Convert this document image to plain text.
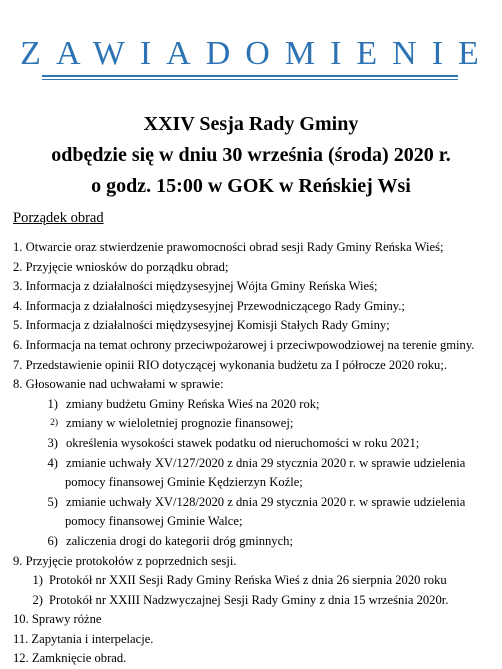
ZAWIADOMIENIE
XXIV Sesja Rady Gminy
odbędzie się w dniu 30 września (środa) 2020 r.
o godz. 15:00 w GOK w Reńskiej Wsi
Porządek obrad
1. Otwarcie oraz stwierdzenie prawomocności obrad sesji Rady Gminy Reńska Wieś;
2. Przyjęcie wniosków do porządku obrad;
3. Informacja z działalności międzysesyjnej Wójta Gminy Reńska Wieś;
4. Informacja z działalności międzysesyjnej Przewodniczącego Rady Gminy.;
5. Informacja z działalności międzysesyjnej Komisji Stałych Rady Gminy;
6. Informacja na temat ochrony przeciwpożarowej i przeciwpowodziowej na terenie gminy.
7. Przedstawienie opinii RIO dotyczącej wykonania budżetu za I półrocze 2020 roku;.
8. Głosowanie nad uchwałami w sprawie:
1) zmiany budżetu Gminy Reńska Wieś na 2020 rok;
2) zmiany w wieloletniej prognozie finansowej;
3) określenia wysokości stawek podatku od nieruchomości w roku 2021;
4) zmianie uchwały XV/127/2020 z dnia 29 stycznia 2020 r. w sprawie udzielenia
pomocy finansowej Gminie Kędzierzyn Koźle;
5) zmianie uchwały XV/128/2020 z dnia 29 stycznia 2020 r. w sprawie udzielenia
pomocy finansowej Gminie Walce;
6) zaliczenia drogi do kategorii dróg gminnych;
9. Przyjęcie protokołów z poprzednich sesji.
1) Protokół nr XXII Sesji Rady Gminy Reńska Wieś z dnia 26 sierpnia 2020 roku
2) Protokół nr XXIII Nadzwyczajnej Sesji Rady Gminy z dnia 15 września 2020r.
10. Sprawy różne
11. Zapytania i interpelacje.
12. Zamknięcie obrad.
